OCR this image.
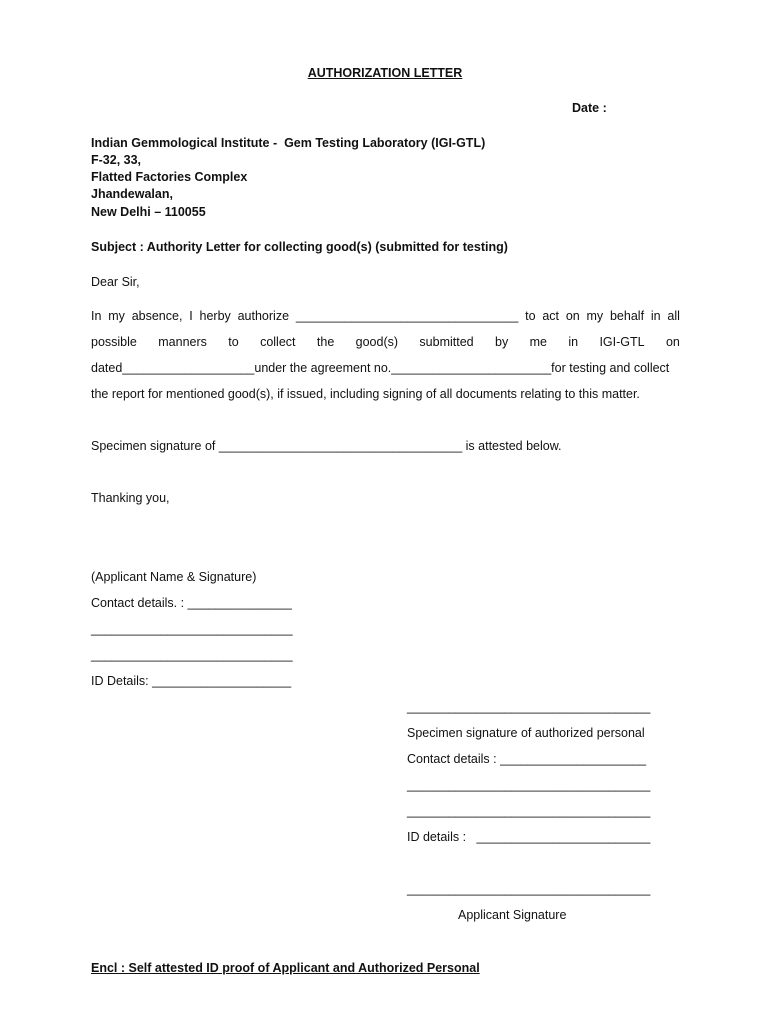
AUTHORIZATION LETTER
Date :
Indian Gemmological Institute -  Gem Testing Laboratory (IGI-GTL)
F-32, 33,
Flatted Factories Complex
Jhandewalan,
New Delhi – 110055
Subject : Authority Letter for collecting good(s) (submitted for testing)
Dear Sir,
In my absence, I herby authorize ________________________________ to act on my behalf in all
possible manners to collect the good(s) submitted by me in IGI-GTL on
dated___________________under the agreement no._______________________for testing and collect
the report for mentioned good(s), if issued, including signing of all documents relating to this matter.
Specimen signature of ___________________________________ is attested below.
Thanking you,
(Applicant Name & Signature)
Contact details. : _______________
_____________________________
_____________________________
ID Details: ____________________
___________________________________
Specimen signature of authorized personal
Contact details : _____________________
___________________________________
___________________________________
ID details :   _________________________
___________________________________
Applicant Signature
Encl : Self attested ID proof of Applicant and Authorized Personal
